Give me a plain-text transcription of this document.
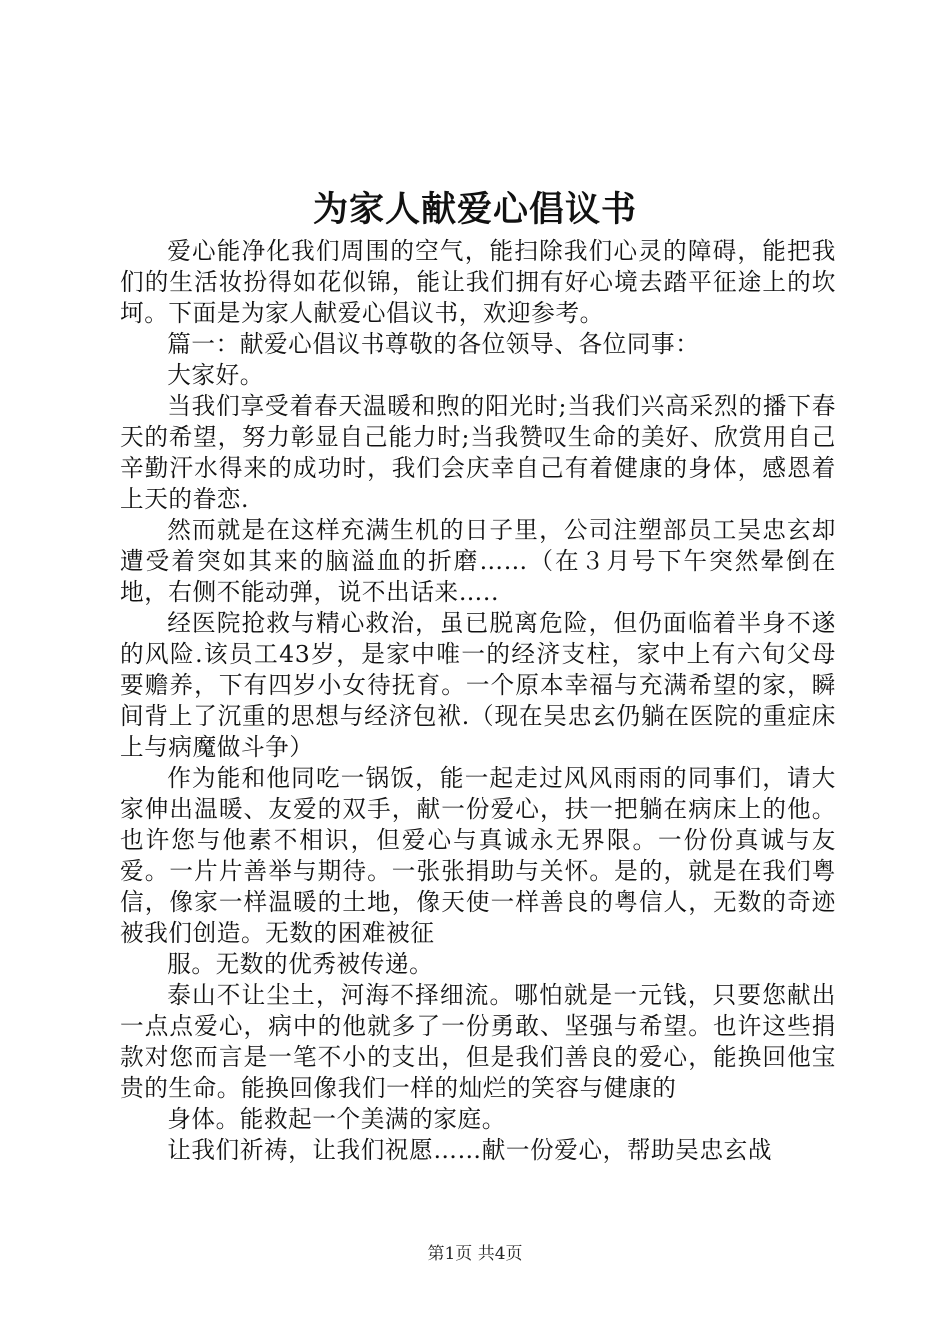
为家人献爱心倡议书

爱心能净化我们周围的空气，能扫除我们心灵的障碍，能把我们的生活妆扮得如花似锦，能让我们拥有好心境去踏平征途上的坎坷。下面是为家人献爱心倡议书，欢迎参考。

篇一：献爱心倡议书尊敬的各位领导、各位同事：

大家好。

当我们享受着春天温暖和煦的阳光时;当我们兴高采烈的播下春天的希望，努力彰显自己能力时;当我赞叹生命的美好、欣赏用自己辛勤汗水得来的成功时，我们会庆幸自己有着健康的身体，感恩着上天的眷恋.

然而就是在这样充满生机的日子里，公司注塑部员工吴忠玄却遭受着突如其来的脑溢血的折磨……（在３月号下午突然晕倒在地，右侧不能动弹，说不出话来…..

经医院抢救与精心救治，虽已脱离危险，但仍面临着半身不遂的风险.该员工43岁，是家中唯一的经济支柱，家中上有六旬父母要赡养，下有四岁小女待抚育。一个原本幸福与充满希望的家，瞬间背上了沉重的思想与经济包袱.（现在吴忠玄仍躺在医院的重症床上与病魔做斗争）

作为能和他同吃一锅饭，能一起走过风风雨雨的同事们，请大家伸出温暖、友爱的双手，献一份爱心，扶一把躺在病床上的他。也许您与他素不相识，但爱心与真诚永无界限。一份份真诚与友爱。一片片善举与期待。一张张捐助与关怀。是的，就是在我们粤信，像家一样温暖的土地，像天使一样善良的粤信人，无数的奇迹被我们创造。无数的困难被征

服。无数的优秀被传递。

泰山不让尘土，河海不择细流。哪怕就是一元钱，只要您献出一点点爱心，病中的他就多了一份勇敢、坚强与希望。也许这些捐款对您而言是一笔不小的支出，但是我们善良的爱心，能换回他宝贵的生命。能换回像我们一样的灿烂的笑容与健康的

身体。能救起一个美满的家庭。

让我们祈祷，让我们祝愿……献一份爱心，帮助吴忠玄战

第1页 共4页
